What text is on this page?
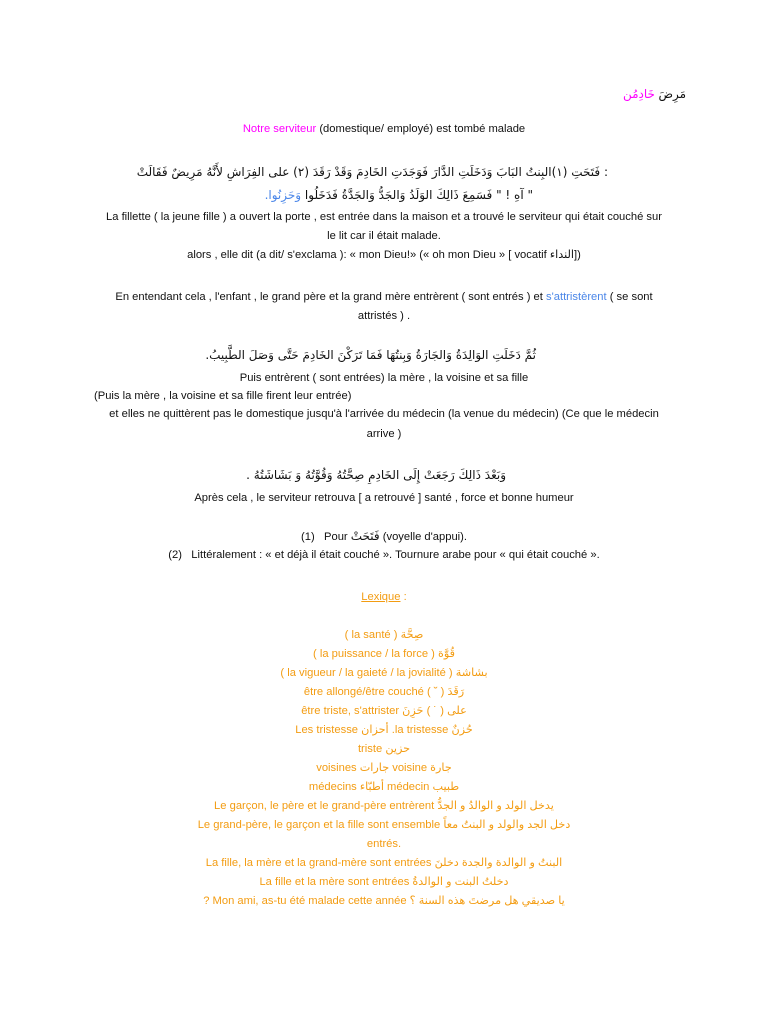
مَرِضَ خَادِمُن
Notre serviteur (domestique/ employé) est tombé malade
: فَتَحَتِ (١)البِنتُ البَابَ وَدَخَلَتِ الدَّارَ فَوَجَدَتِ الخَادِمَ وَقَدْ رَقَدَ (٢) على الفِرَاشِ لأَنَّهُ مَرِيضٌ فَقَالَتْ
" آهِ ! " فَسَمِعَ ذَالِكَ الوَلَدُ وَالجَدُّ وَالجَدَّةُ فَدَخَلُوا وَحَزِنُوا.
La fillette ( la jeune fille ) a ouvert la porte , est entrée dans la maison et a trouvé le serviteur qui était couché sur
le lit car il était malade.
alors , elle dit (a dit/ s'exclama ): « mon Dieu!» (« oh mon Dieu » [ vocatif النداء])
En entendant cela , l'enfant , le grand père et la grand mère entrèrent ( sont entrés ) et s'attristèrent ( se sont
attristés ) .
ثُمَّ دَخَلَتِ الوَالِدَةُ وَالجَارَةُ وَبِنتُهَا فَمَا تَرَكْنَ الخَادِمَ حَتَّى وَصَلَ الطَّبِيبُ.
Puis entrèrent ( sont entrées) la mère , la voisine et sa fille
(Puis la mère , la voisine et sa fille firent leur entrée)
et elles ne quittèrent pas le domestique jusqu'à l'arrivée du médecin (la venue du médecin) (Ce que le médecin
arrive )
وَبَعْدَ ذَالِكَ رَجَعَتْ إِلَى الخَادِمِ صِحَّتُهُ وَقُوَّتُهُ وَ بَشَاشَتُهُ .
Après cela , le serviteur retrouva [ a retrouvé ] santé , force et bonne humeur
(1) Pour فَتَحَتْ (voyelle d'appui).
(2) Littéralement : « et déjà il était couché ». Tournure arabe pour « qui était couché ».
Lexique :
( la santé ) صِحَّة
( la puissance / la force ) قُوَّة
( la vigueur / la gaieté / la jovialité ) بشاشة
être allongé/être couché ( ˘ ) رَقَدَ
être triste, s'attrister على ( ˙ ) حَزِنَ
Les tristesse أحزان .la tristesse حُزنٌ
triste حزين
voisines جارات voisine جارة
médecins أطبّاء médecin طبيب
Le garçon, le père et le grand-père entrèrent يدخل الولد و الوالدُ و الجدُّ
Le grand-père, le garçon et la fille sont ensemble دخل الجد والولد و البنتُ معاً
entrés.
La fille, la mère et la grand-mère sont entrées البنتُ و الوالدة والجدة دخلنَ
La fille et la mère sont entrées دخلتُ البنت و الوالدةُ
? Mon ami, as-tu été malade cette année يا صديقي هل مرضتَ هذه السنة ؟
